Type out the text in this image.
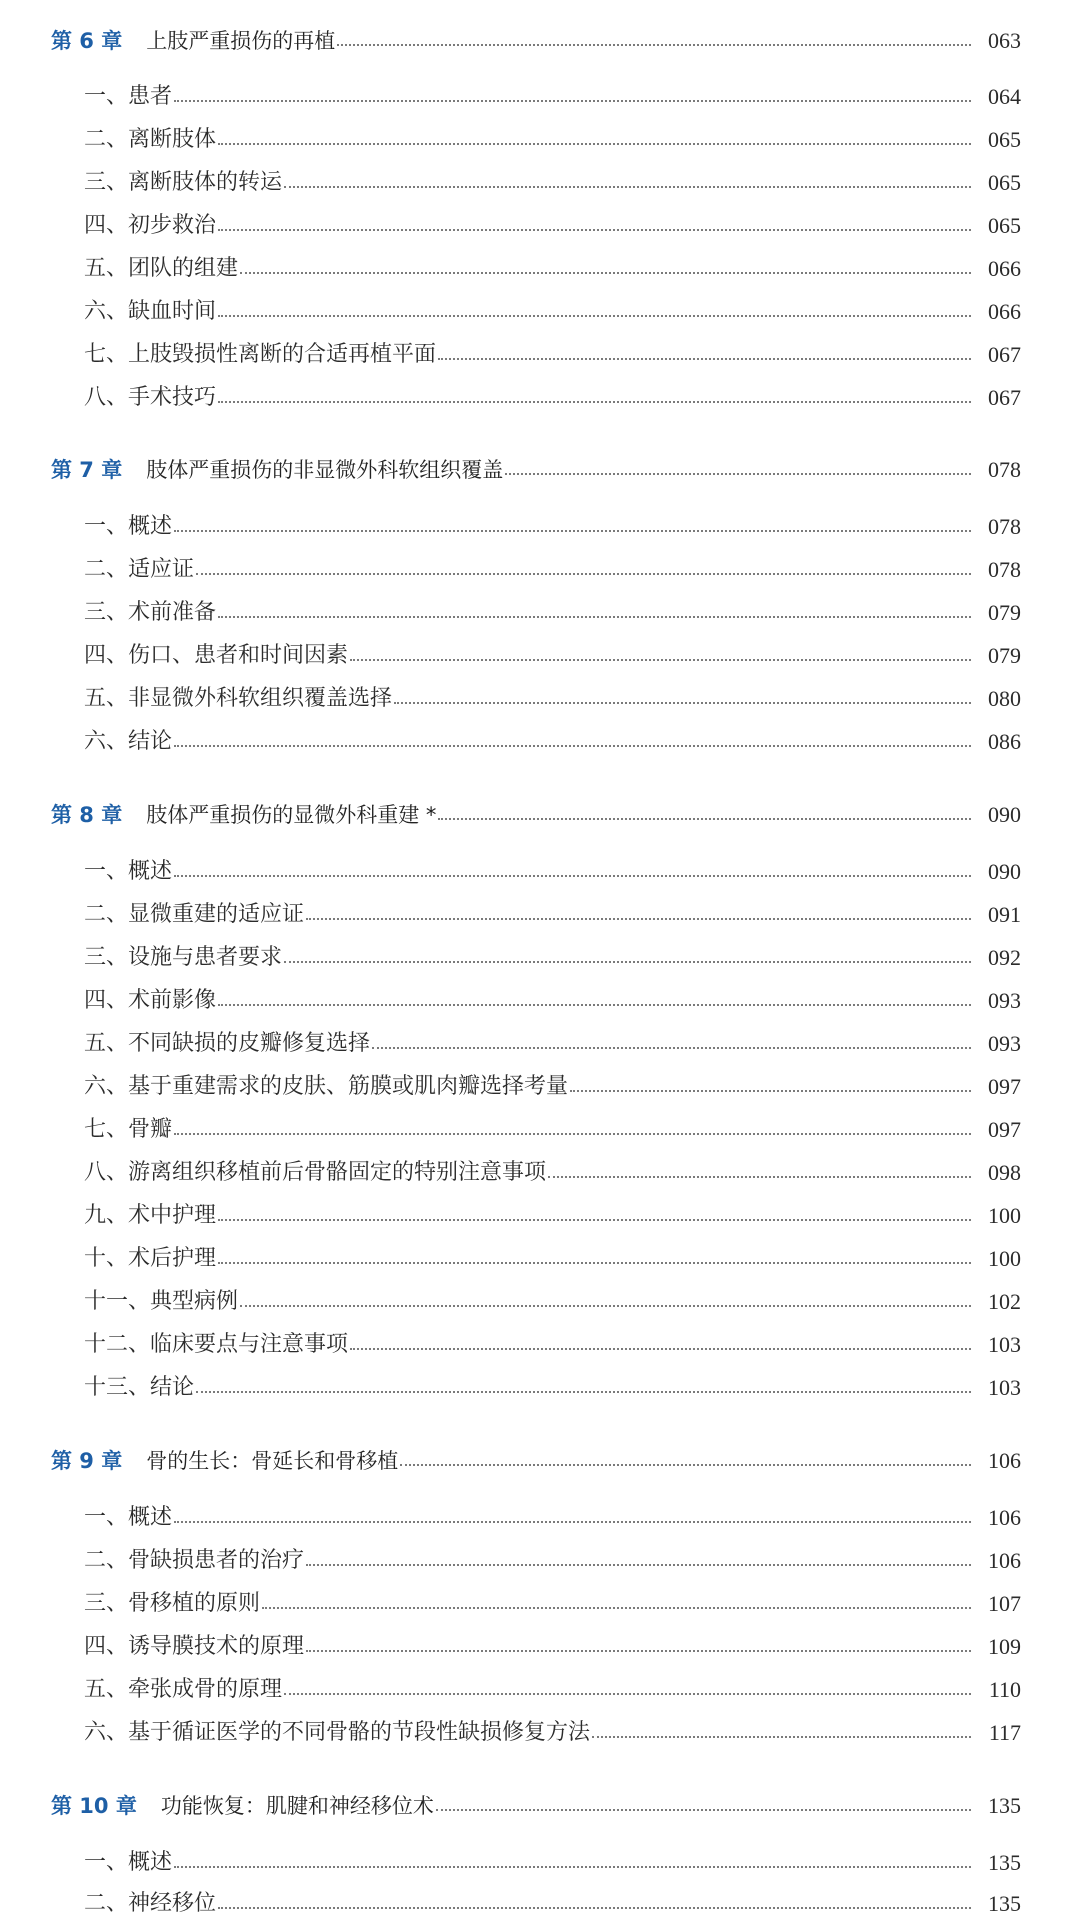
第 6 章 上肢严重损伤的再植	063
一、患者	064
二、离断肢体	065
三、离断肢体的转运	065
四、初步救治	065
五、团队的组建	066
六、缺血时间	066
七、上肢毁损性离断的合适再植平面	067
八、手术技巧	067
第 7 章 肢体严重损伤的非显微外科软组织覆盖	078
一、概述	078
二、适应证	078
三、术前准备	079
四、伤口、患者和时间因素	079
五、非显微外科软组织覆盖选择	080
六、结论	086
第 8 章 肢体严重损伤的显微外科重建 *	090
一、概述	090
二、显微重建的适应证	091
三、设施与患者要求	092
四、术前影像	093
五、不同缺损的皮瓣修复选择	093
六、基于重建需求的皮肤、筋膜或肌肉瓣选择考量	097
七、骨瓣	097
八、游离组织移植前后骨骼固定的特别注意事项	098
九、术中护理	100
十、术后护理	100
十一、典型病例	102
十二、临床要点与注意事项	103
十三、结论	103
第 9 章 骨的生长：骨延长和骨移植	106
一、概述	106
二、骨缺损患者的治疗	106
三、骨移植的原则	107
四、诱导膜技术的原理	109
五、牵张成骨的原理	110
六、基于循证医学的不同骨骼的节段性缺损修复方法	117
第 10 章 功能恢复：肌腱和神经移位术	135
一、概述	135
二、神经移位	135
